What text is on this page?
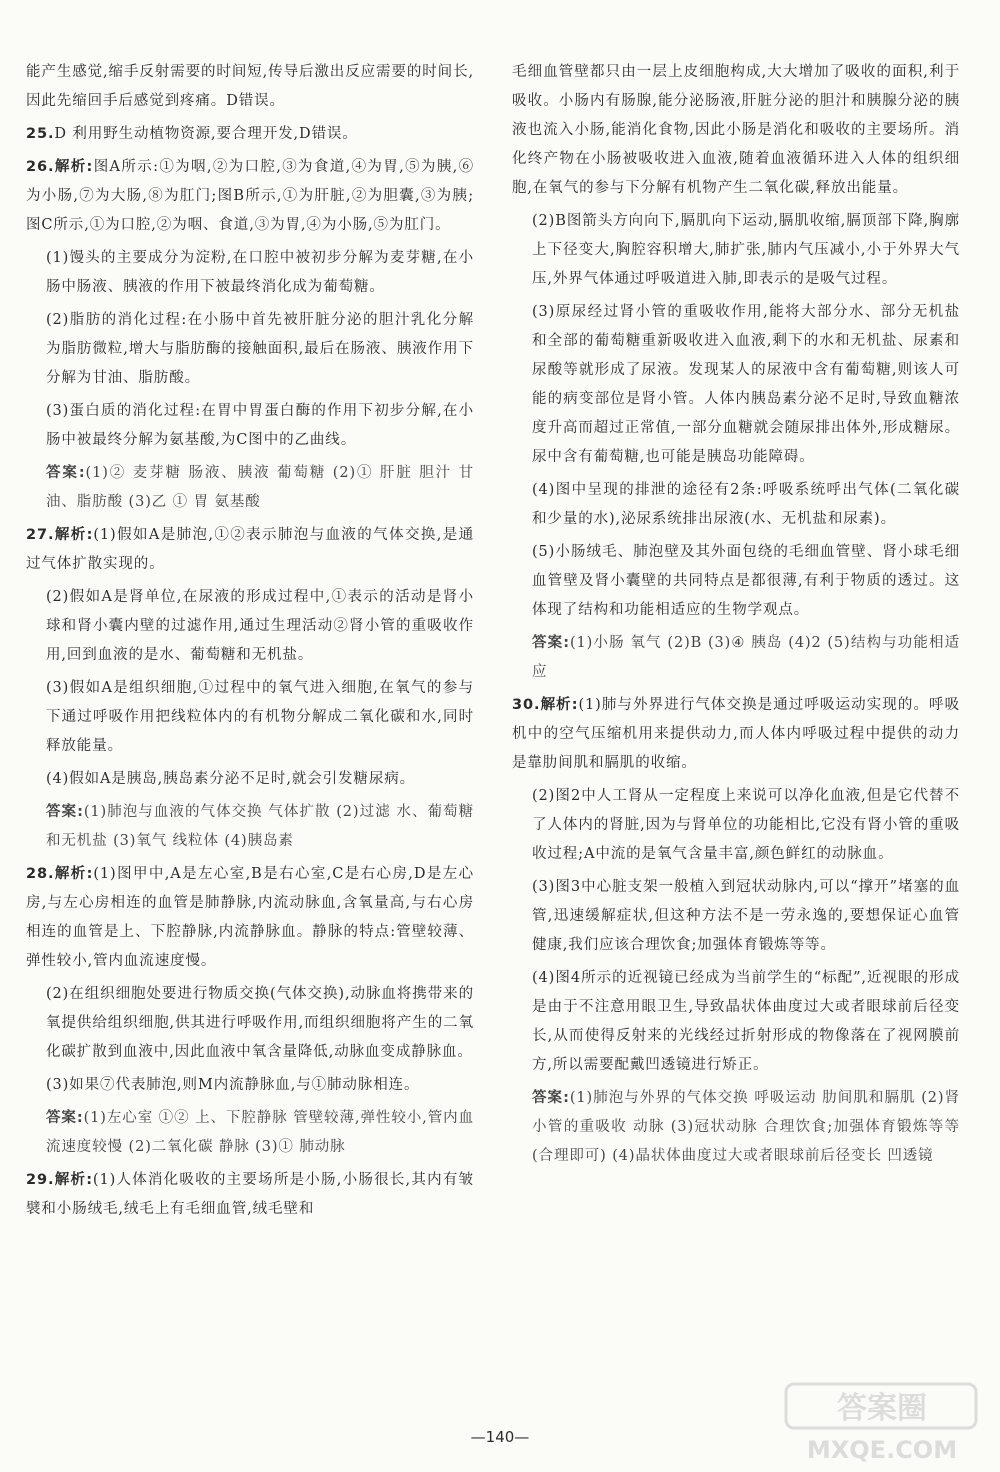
能产生感觉,缩手反射需要的时间短,传导后激出反应需要的时间长,因此先缩回手后感觉到疼痛。D错误。

25.D 利用野生动植物资源,要合理开发,D错误。

26.解析:图A所示:①为咽,②为口腔,③为食道,④为胃,⑤为胰,⑥为小肠,⑦为大肠,⑧为肛门;图B所示,①为肝脏,②为胆囊,③为胰;图C所示,①为口腔,②为咽、食道,③为胃,④为小肠,⑤为肛门。

(1)馒头的主要成分为淀粉,在口腔中被初步分解为麦芽糖,在小肠中肠液、胰液的作用下被最终消化成为葡萄糖。

(2)脂肪的消化过程:在小肠中首先被肝脏分泌的胆汁乳化分解为脂肪微粒,增大与脂肪酶的接触面积,最后在肠液、胰液作用下分解为甘油、脂肪酸。

(3)蛋白质的消化过程:在胃中胃蛋白酶的作用下初步分解,在小肠中被最终分解为氨基酸,为C图中的乙曲线。

答案:(1)② 麦芽糖 肠液、胰液 葡萄糖 (2)① 肝脏 胆汁 甘油、脂肪酸 (3)乙 ① 胃 氨基酸

27.解析:(1)假如A是肺泡,①②表示肺泡与血液的气体交换,是通过气体扩散实现的。

(2)假如A是肾单位,在尿液的形成过程中,①表示的活动是肾小球和肾小囊内壁的过滤作用,通过生理活动②肾小管的重吸收作用,回到血液的是水、葡萄糖和无机盐。

(3)假如A是组织细胞,①过程中的氧气进入细胞,在氧气的参与下通过呼吸作用把线粒体内的有机物分解成二氧化碳和水,同时释放能量。

(4)假如A是胰岛,胰岛素分泌不足时,就会引发糖尿病。

答案:(1)肺泡与血液的气体交换 气体扩散 (2)过滤 水、葡萄糖和无机盐 (3)氧气 线粒体 (4)胰岛素

28.解析:(1)图甲中,A是左心室,B是右心室,C是右心房,D是左心房,与左心房相连的血管是肺静脉,内流动脉血,含氧量高,与右心房相连的血管是上、下腔静脉,内流静脉血。静脉的特点:管壁较薄、弹性较小,管内血流速度慢。

(2)在组织细胞处要进行物质交换(气体交换),动脉血将携带来的氧提供给组织细胞,供其进行呼吸作用,而组织细胞将产生的二氧化碳扩散到血液中,因此血液中氧含量降低,动脉血变成静脉血。

(3)如果⑦代表肺泡,则M内流静脉血,与①肺动脉相连。

答案:(1)左心室 ①② 上、下腔静脉 管壁较薄,弹性较小,管内血流速度较慢 (2)二氧化碳 静脉 (3)① 肺动脉

29.解析:(1)人体消化吸收的主要场所是小肠,小肠很长,其内有皱襞和小肠绒毛,绒毛上有毛细血管,绒毛壁和

毛细血管壁都只由一层上皮细胞构成,大大增加了吸收的面积,利于吸收。小肠内有肠腺,能分泌肠液,肝脏分泌的胆汁和胰腺分泌的胰液也流入小肠,能消化食物,因此小肠是消化和吸收的主要场所。消化终产物在小肠被吸收进入血液,随着血液循环进入人体的组织细胞,在氧气的参与下分解有机物产生二氧化碳,释放出能量。

(2)B图箭头方向向下,膈肌向下运动,膈肌收缩,膈顶部下降,胸廓上下径变大,胸腔容积增大,肺扩张,肺内气压减小,小于外界大气压,外界气体通过呼吸道进入肺,即表示的是吸气过程。

(3)原尿经过肾小管的重吸收作用,能将大部分水、部分无机盐和全部的葡萄糖重新吸收进入血液,剩下的水和无机盐、尿素和尿酸等就形成了尿液。发现某人的尿液中含有葡萄糖,则该人可能的病变部位是肾小管。人体内胰岛素分泌不足时,导致血糖浓度升高而超过正常值,一部分血糖就会随尿排出体外,形成糖尿。尿中含有葡萄糖,也可能是胰岛功能障碍。

(4)图中呈现的排泄的途径有2条:呼吸系统呼出气体(二氧化碳和少量的水),泌尿系统排出尿液(水、无机盐和尿素)。

(5)小肠绒毛、肺泡壁及其外面包绕的毛细血管壁、肾小球毛细血管壁及肾小囊壁的共同特点是都很薄,有利于物质的透过。这体现了结构和功能相适应的生物学观点。

答案:(1)小肠 氧气 (2)B (3)④ 胰岛 (4)2 (5)结构与功能相适应

30.解析:(1)肺与外界进行气体交换是通过呼吸运动实现的。呼吸机中的空气压缩机用来提供动力,而人体内呼吸过程中提供的动力是靠肋间肌和膈肌的收缩。

(2)图2中人工肾从一定程度上来说可以净化血液,但是它代替不了人体内的肾脏,因为与肾单位的功能相比,它没有肾小管的重吸收过程;A中流的是氧气含量丰富,颜色鲜红的动脉血。

(3)图3中心脏支架一般植入到冠状动脉内,可以“撑开”堵塞的血管,迅速缓解症状,但这种方法不是一劳永逸的,要想保证心血管健康,我们应该合理饮食;加强体育锻炼等等。

(4)图4所示的近视镜已经成为当前学生的“标配”,近视眼的形成是由于不注意用眼卫生,导致晶状体曲度过大或者眼球前后径变长,从而使得反射来的光线经过折射形成的物像落在了视网膜前方,所以需要配戴凹透镜进行矫正。

答案:(1)肺泡与外界的气体交换 呼吸运动 肋间肌和膈肌 (2)肾小管的重吸收 动脉 (3)冠状动脉 合理饮食;加强体育锻炼等等(合理即可) (4)晶状体曲度过大或者眼球前后径变长 凹透镜

—140—
答案圈
MXQE.COM
